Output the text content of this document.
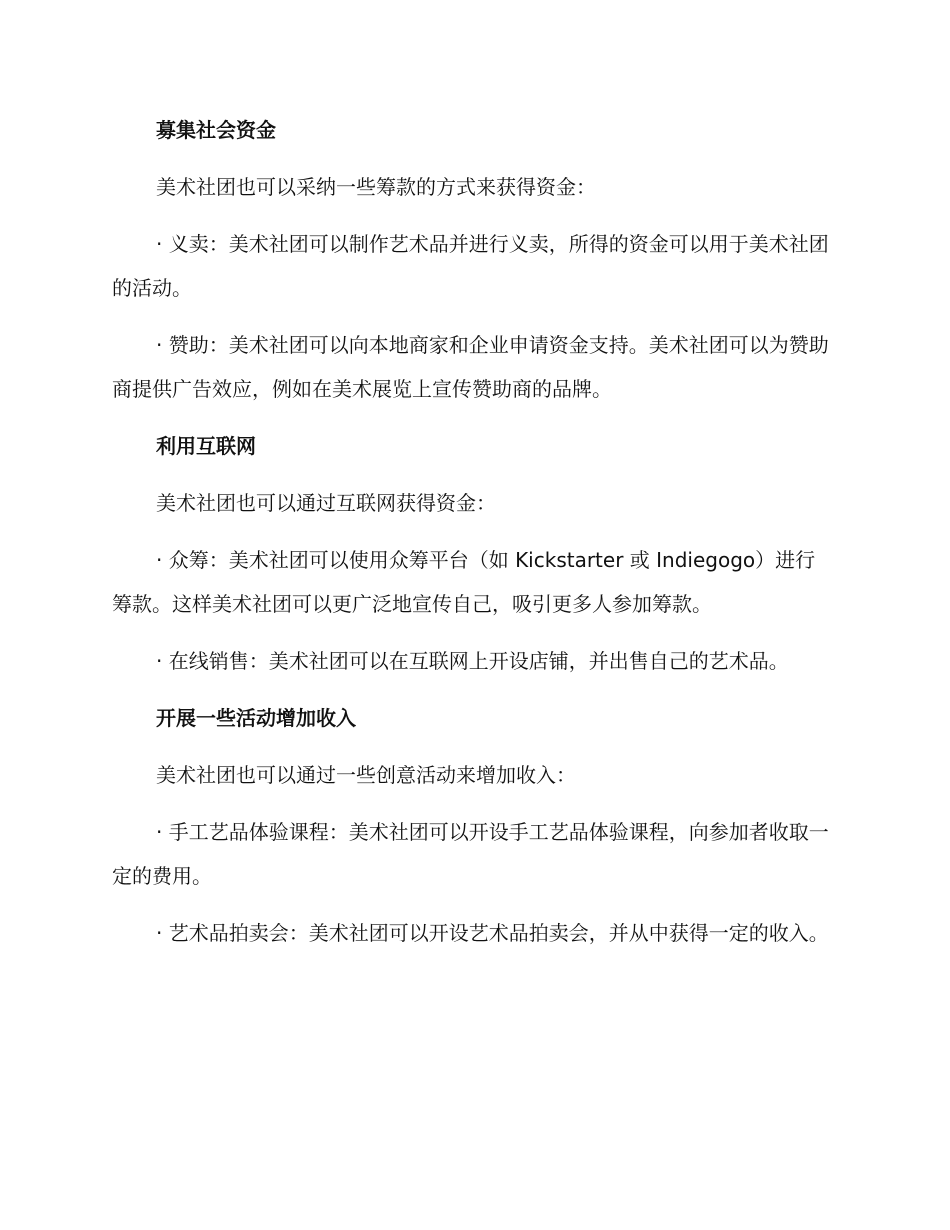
募集社会资金

美术社团也可以采纳一些筹款的方式来获得资金：

· 义卖：美术社团可以制作艺术品并进行义卖，所得的资金可以用于美术社团的活动。

· 赞助：美术社团可以向本地商家和企业申请资金支持。美术社团可以为赞助商提供广告效应，例如在美术展览上宣传赞助商的品牌。

利用互联网

美术社团也可以通过互联网获得资金：

· 众筹：美术社团可以使用众筹平台（如 Kickstarter 或 Indiegogo）进行筹款。这样美术社团可以更广泛地宣传自己，吸引更多人参加筹款。

· 在线销售：美术社团可以在互联网上开设店铺，并出售自己的艺术品。

开展一些活动增加收入

美术社团也可以通过一些创意活动来增加收入：

· 手工艺品体验课程：美术社团可以开设手工艺品体验课程，向参加者收取一定的费用。

· 艺术品拍卖会：美术社团可以开设艺术品拍卖会，并从中获得一定的收入。
